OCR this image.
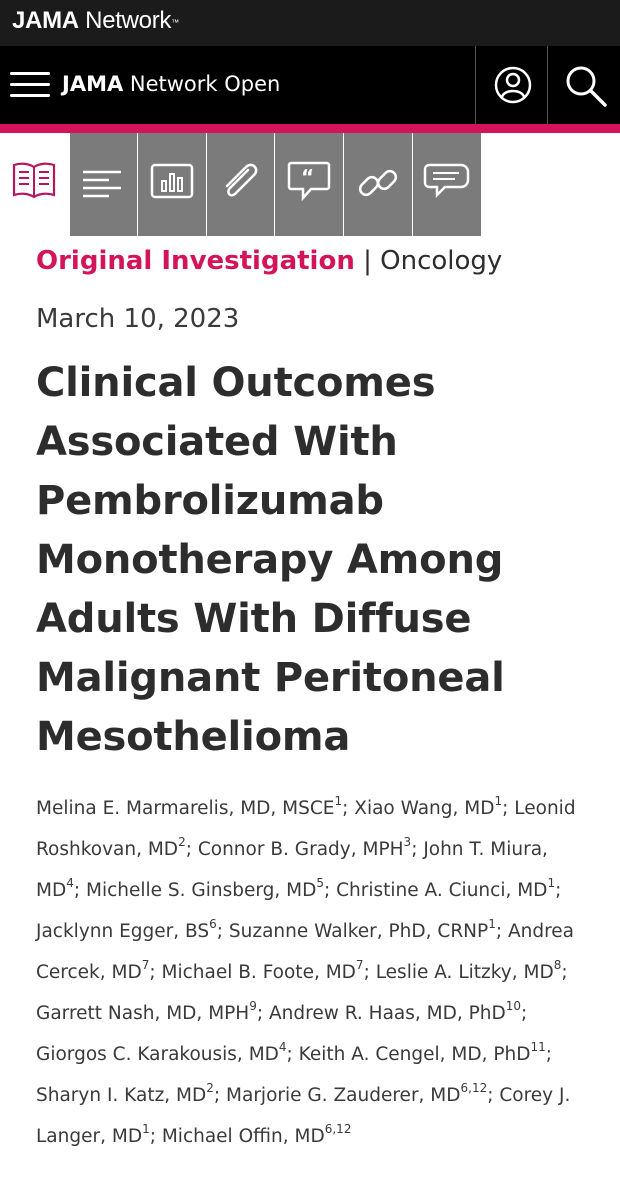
JAMA Network™
JAMA Network Open
“
Original Investigation | Oncology
March 10, 2023
Clinical Outcomes
Associated With
Pembrolizumab
Monotherapy Among
Adults With Diffuse
Malignant Peritoneal
Mesothelioma
Melina E. Marmarelis, MD, MSCE$^1$; Xiao Wang, $MD^1$; Leonid Roshkovan, $MD^2$; Connor B. Grady, MPH$^3$; John T. Miura, $MD^4$; Michelle S. Ginsberg, $MD^5$; Christine A. Ciunci, $MD^1$; Jacklynn Egger, $BS^6$; Suzanne Walker, PhD, CRNP$^1$; Andrea Cercek, $MD^7$; Michael B. Foote, $MD^7$; Leslie A. Litzky, $MD^8$; Garrett Nash, MD, MPH$^9$; Andrew R. Haas, MD, PhD$^{10}$; Giorgos C. Karakousis, $MD^4$; Keith A. Cengel, MD, PhD$^{11}$; Sharyn I. Katz, $MD^2$; Marjorie G. Zauderer, MD$^{6,12}$; Corey J. Langer, $MD^1$; Michael Offin, MD$^{6,12}$
